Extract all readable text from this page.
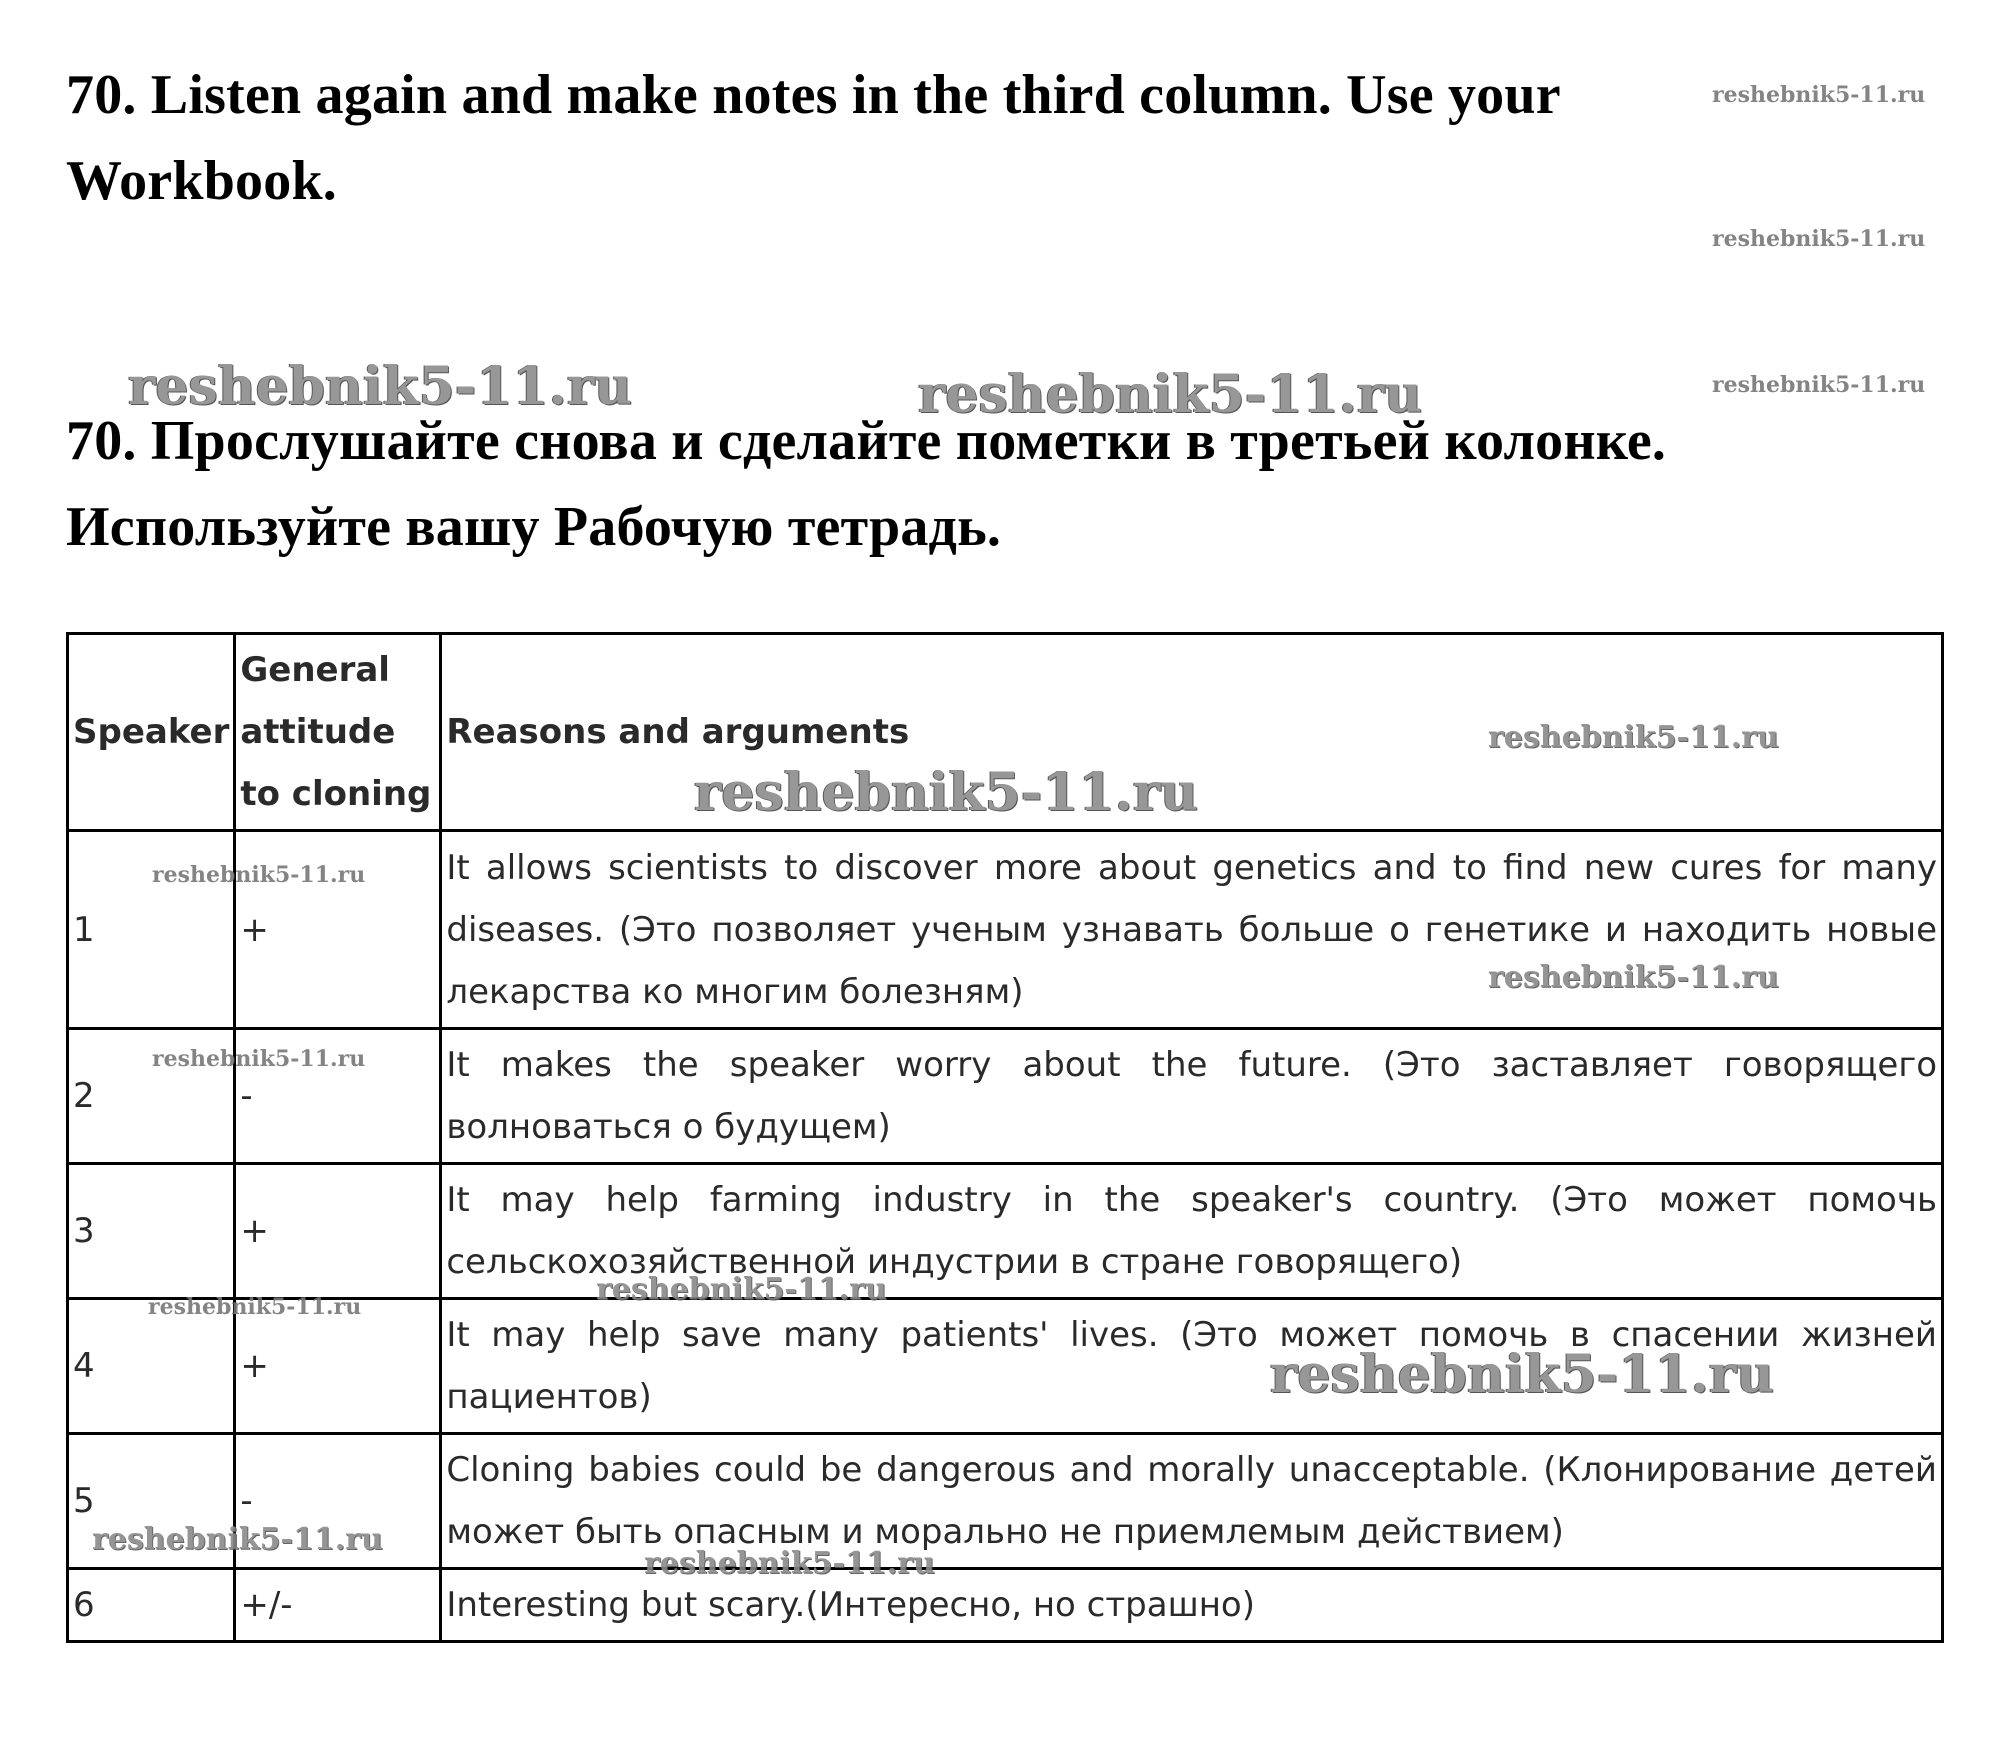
70. Listen again and make notes in the third column. Use your Workbook.
70. Прослушайте снова и сделайте пометки в третьей колонке. Используйте вашу Рабочую тетрадь.
Speaker	General attitude to cloning	Reasons and arguments
1	+	It allows scientists to discover more about genetics and to find new cures for many diseases. (Это позволяет ученым узнавать больше о генетике и находить новые лекарства ко многим болезням)
2	-	It makes the speaker worry about the future. (Это заставляет говорящего волноваться о будущем)
3	+	It may help farming industry in the speaker's country. (Это может помочь сельскохозяйственной индустрии в стране говорящего)
4	+	It may help save many patients' lives. (Это может помочь в спасении жизней пациентов)
5	-	Cloning babies could be dangerous and morally unacceptable. (Клонирование детей может быть опасным и морально не приемлемым действием)
6	+/-	Interesting but scary.(Интересно, но страшно)
reshebnik5-11.ru
reshebnik5-11.ru
reshebnik5-11.ru
reshebnik5-11.ru	reshebnik5-11.ru
reshebnik5-11.ru
reshebnik5-11.ru
reshebnik5-11.ru
reshebnik5-11.ru
reshebnik5-11.ru
reshebnik5-11.ru
reshebnik5-11.ru
reshebnik5-11.ru
reshebnik5-11.ru
reshebnik5-11.ru
